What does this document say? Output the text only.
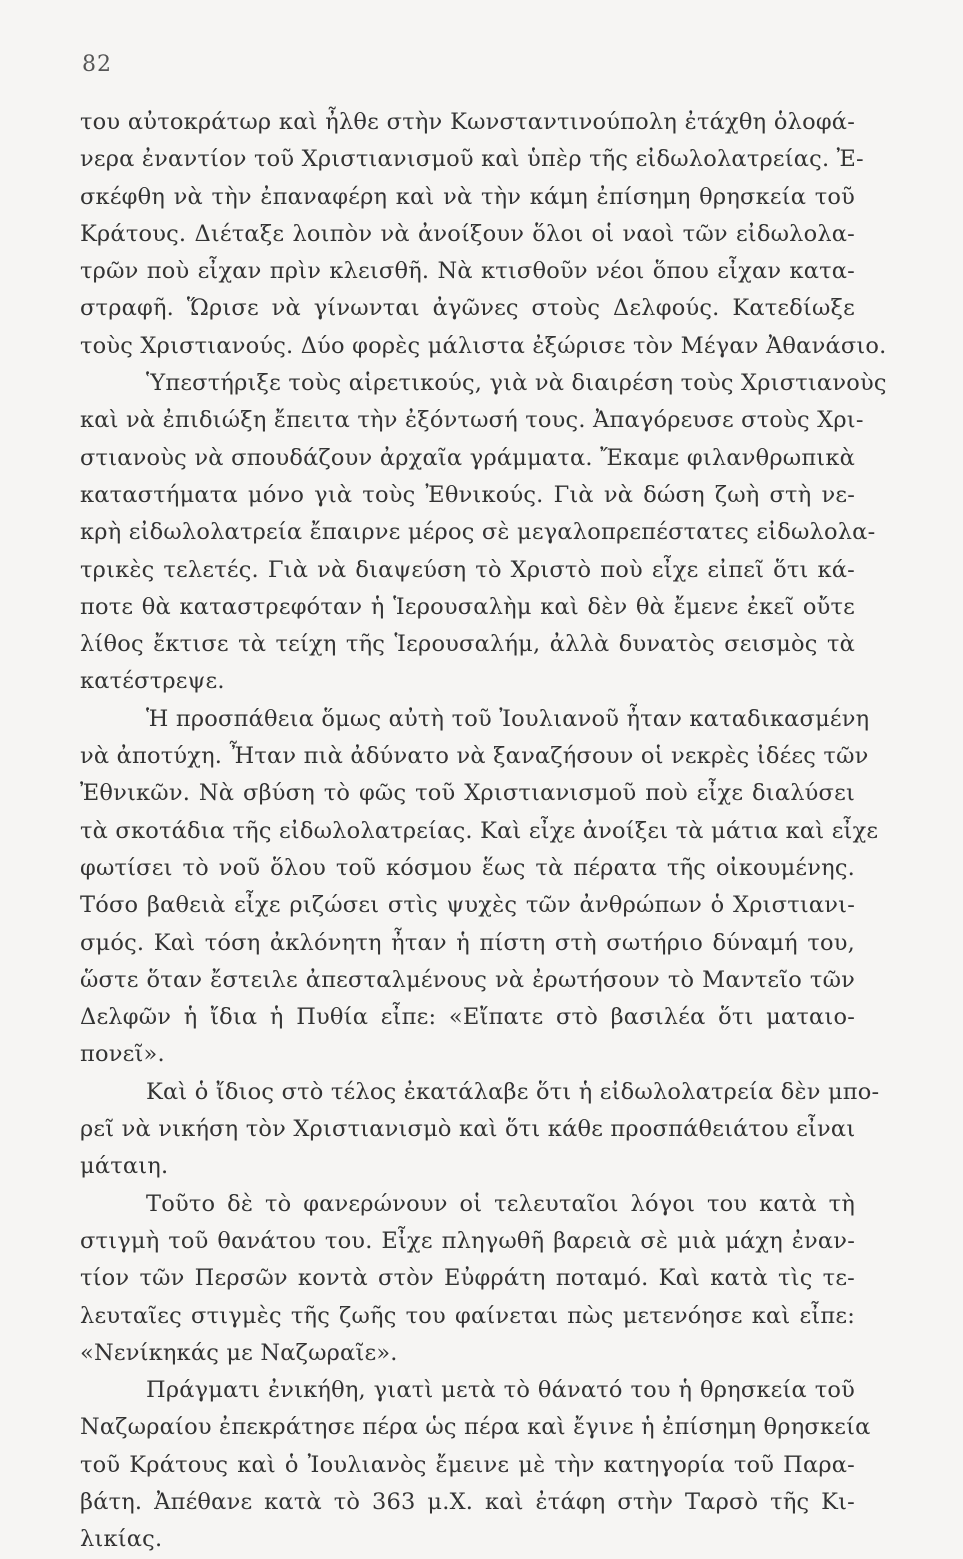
82
του αὐτοκράτωρ καὶ ἦλθε στὴν Κωνσταντινούπολη ἐτάχθη ὁλοφά-
νερα ἐναντίον τοῦ Χριστιανισμοῦ καὶ ὑπὲρ τῆς εἰδωλολατρείας. Ἐ-
σκέφθη νὰ τὴν ἐπαναφέρη καὶ νὰ τὴν κάμη ἐπίσημη θρησκεία τοῦ
Κράτους. Διέταξε λοιπὸν νὰ ἀνοίξουν ὅλοι οἱ ναοὶ τῶν εἰδωλολα-
τρῶν ποὺ εἶχαν πρὶν κλεισθῆ. Νὰ κτισθοῦν νέοι ὅπου εἶχαν κατα-
στραφῆ. Ὥρισε νὰ γίνωνται ἀγῶνες στοὺς Δελφούς. Κατεδίωξε
τοὺς Χριστιανούς. Δύο φορὲς μάλιστα ἐξώρισε τὸν Μέγαν Ἀθανάσιο.
Ὑπεστήριξε τοὺς αἱρετικούς, γιὰ νὰ διαιρέση τοὺς Χριστιανοὺς
καὶ νὰ ἐπιδιώξη ἔπειτα τὴν ἐξόντωσή τους. Ἀπαγόρευσε στοὺς Χρι-
στιανοὺς νὰ σπουδάζουν ἀρχαῖα γράμματα. Ἔκαμε φιλανθρωπικὰ
καταστήματα μόνο γιὰ τοὺς Ἐθνικούς. Γιὰ νὰ δώση ζωὴ στὴ νε-
κρὴ εἰδωλολατρεία ἔπαιρνε μέρος σὲ μεγαλοπρεπέστατες εἰδωλολα-
τρικὲς τελετές. Γιὰ νὰ διαψεύση τὸ Χριστὸ ποὺ εἶχε εἰπεῖ ὅτι κά-
ποτε θὰ καταστρεφόταν ἡ Ἱερουσαλὴμ καὶ δὲν θὰ ἔμενε ἐκεῖ οὔτε
λίθος ἔκτισε τὰ τείχη τῆς Ἱερουσαλήμ, ἀλλὰ δυνατὸς σεισμὸς τὰ
κατέστρεψε.
Ἡ προσπάθεια ὅμως αὐτὴ τοῦ Ἰουλιανοῦ ἦταν καταδικασμένη
νὰ ἀποτύχη. Ἦταν πιὰ ἀδύνατο νὰ ξαναζήσουν οἱ νεκρὲς ἰδέες τῶν
Ἐθνικῶν. Νὰ σβύση τὸ φῶς τοῦ Χριστιανισμοῦ ποὺ εἶχε διαλύσει
τὰ σκοτάδια τῆς εἰδωλολατρείας. Καὶ εἶχε ἀνοίξει τὰ μάτια καὶ εἶχε
φωτίσει τὸ νοῦ ὅλου τοῦ κόσμου ἕως τὰ πέρατα τῆς οἰκουμένης.
Τόσο βαθειὰ εἶχε ριζώσει στὶς ψυχὲς τῶν ἀνθρώπων ὁ Χριστιανι-
σμός. Καὶ τόση ἀκλόνητη ἦταν ἡ πίστη στὴ σωτήριο δύναμή του,
ὥστε ὅταν ἔστειλε ἀπεσταλμένους νὰ ἐρωτήσουν τὸ Μαντεῖο τῶν
Δελφῶν ἡ ἴδια ἡ Πυθία εἶπε: «Εἴπατε στὸ βασιλέα ὅτι ματαιο-
πονεῖ».
Καὶ ὁ ἴδιος στὸ τέλος ἐκατάλαβε ὅτι ἡ εἰδωλολατρεία δὲν μπο-
ρεῖ νὰ νικήση τὸν Χριστιανισμὸ καὶ ὅτι κάθε προσπάθειάτου εἶναι
μάταιη.
Τοῦτο δὲ τὸ φανερώνουν οἱ τελευταῖοι λόγοι του κατὰ τὴ
στιγμὴ τοῦ θανάτου του. Εἶχε πληγωθῆ βαρειὰ σὲ μιὰ μάχη ἐναν-
τίον τῶν Περσῶν κοντὰ στὸν Εὐφράτη ποταμό. Καὶ κατὰ τὶς τε-
λευταῖες στιγμὲς τῆς ζωῆς του φαίνεται πὼς μετενόησε καὶ εἶπε:
«Νενίκηκάς με Ναζωραῖε».
Πράγματι ἐνικήθη, γιατὶ μετὰ τὸ θάνατό του ἡ θρησκεία τοῦ
Ναζωραίου ἐπεκράτησε πέρα ὡς πέρα καὶ ἔγινε ἡ ἐπίσημη θρησκεία
τοῦ Κράτους καὶ ὁ Ἰουλιανὸς ἔμεινε μὲ τὴν κατηγορία τοῦ Παρα-
βάτη. Ἀπέθανε κατὰ τὸ 363 μ.Χ. καὶ ἐτάφη στὴν Ταρσὸ τῆς Κι-
λικίας.
